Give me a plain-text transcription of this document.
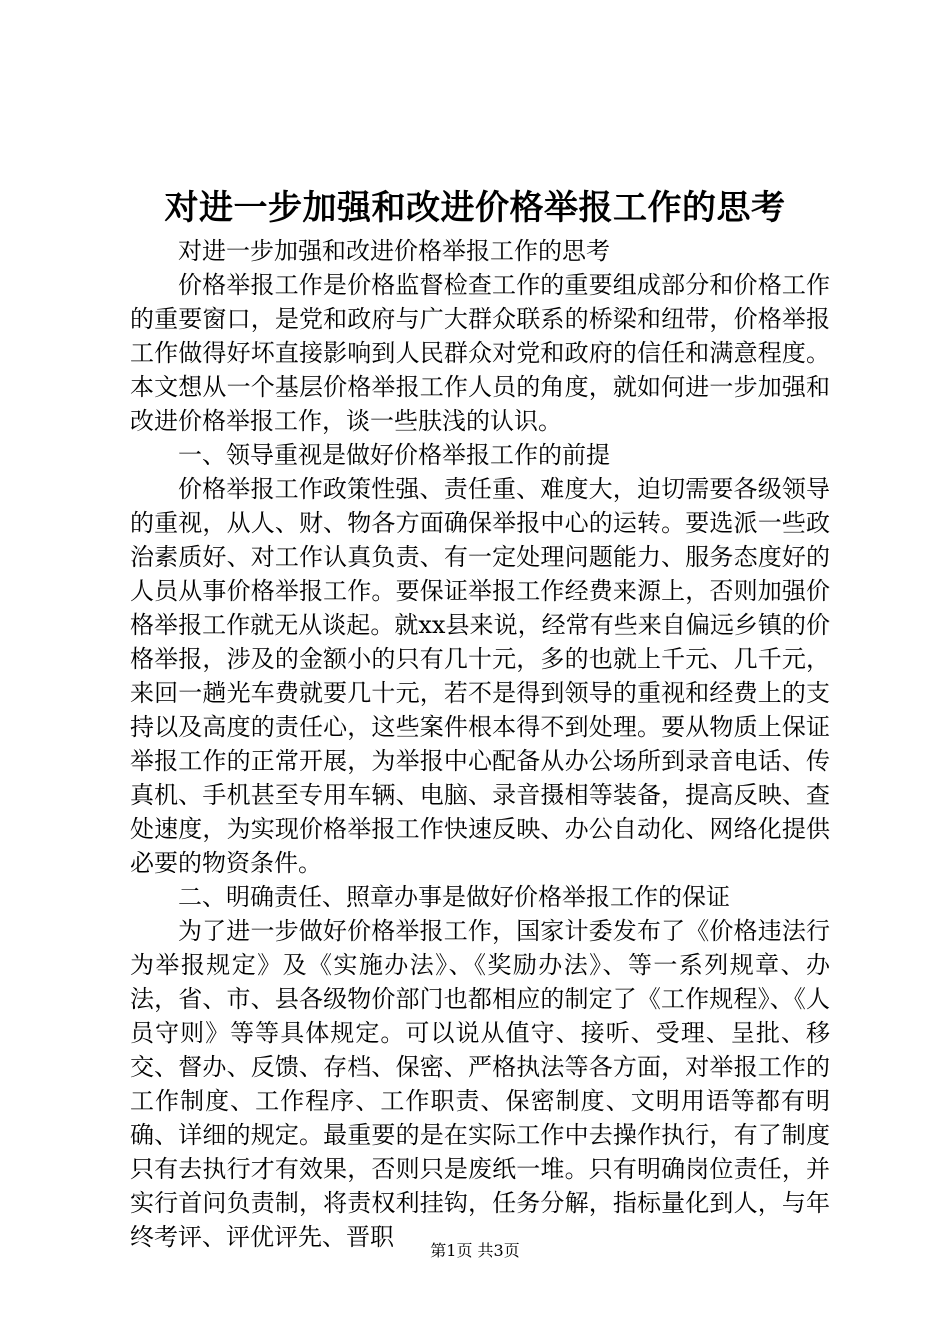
对进一步加强和改进价格举报工作的思考

对进一步加强和改进价格举报工作的思考

价格举报工作是价格监督检查工作的重要组成部分和价格工作的重要窗口，是党和政府与广大群众联系的桥梁和纽带，价格举报工作做得好坏直接影响到人民群众对党和政府的信任和满意程度。本文想从一个基层价格举报工作人员的角度，就如何进一步加强和改进价格举报工作，谈一些肤浅的认识。

一、领导重视是做好价格举报工作的前提

价格举报工作政策性强、责任重、难度大，迫切需要各级领导的重视，从人、财、物各方面确保举报中心的运转。要选派一些政治素质好、对工作认真负责、有一定处理问题能力、服务态度好的人员从事价格举报工作。要保证举报工作经费来源上，否则加强价格举报工作就无从谈起。就xx县来说，经常有些来自偏远乡镇的价格举报，涉及的金额小的只有几十元，多的也就上千元、几千元，来回一趟光车费就要几十元，若不是得到领导的重视和经费上的支持以及高度的责任心，这些案件根本得不到处理。要从物质上保证举报工作的正常开展，为举报中心配备从办公场所到录音电话、传真机、手机甚至专用车辆、电脑、录音摄相等装备，提高反映、查处速度，为实现价格举报工作快速反映、办公自动化、网络化提供必要的物资条件。

二、明确责任、照章办事是做好价格举报工作的保证

为了进一步做好价格举报工作，国家计委发布了《价格违法行为举报规定》及《实施办法》、《奖励办法》、等一系列规章、办法，省、市、县各级物价部门也都相应的制定了《工作规程》、《人员守则》等等具体规定。可以说从值守、接听、受理、呈批、移交、督办、反馈、存档、保密、严格执法等各方面，对举报工作的工作制度、工作程序、工作职责、保密制度、文明用语等都有明确、详细的规定。最重要的是在实际工作中去操作执行，有了制度只有去执行才有效果，否则只是废纸一堆。只有明确岗位责任，并实行首问负责制，将责权利挂钩，任务分解，指标量化到人，与年终考评、评优评先、晋职	第1页 共3页
